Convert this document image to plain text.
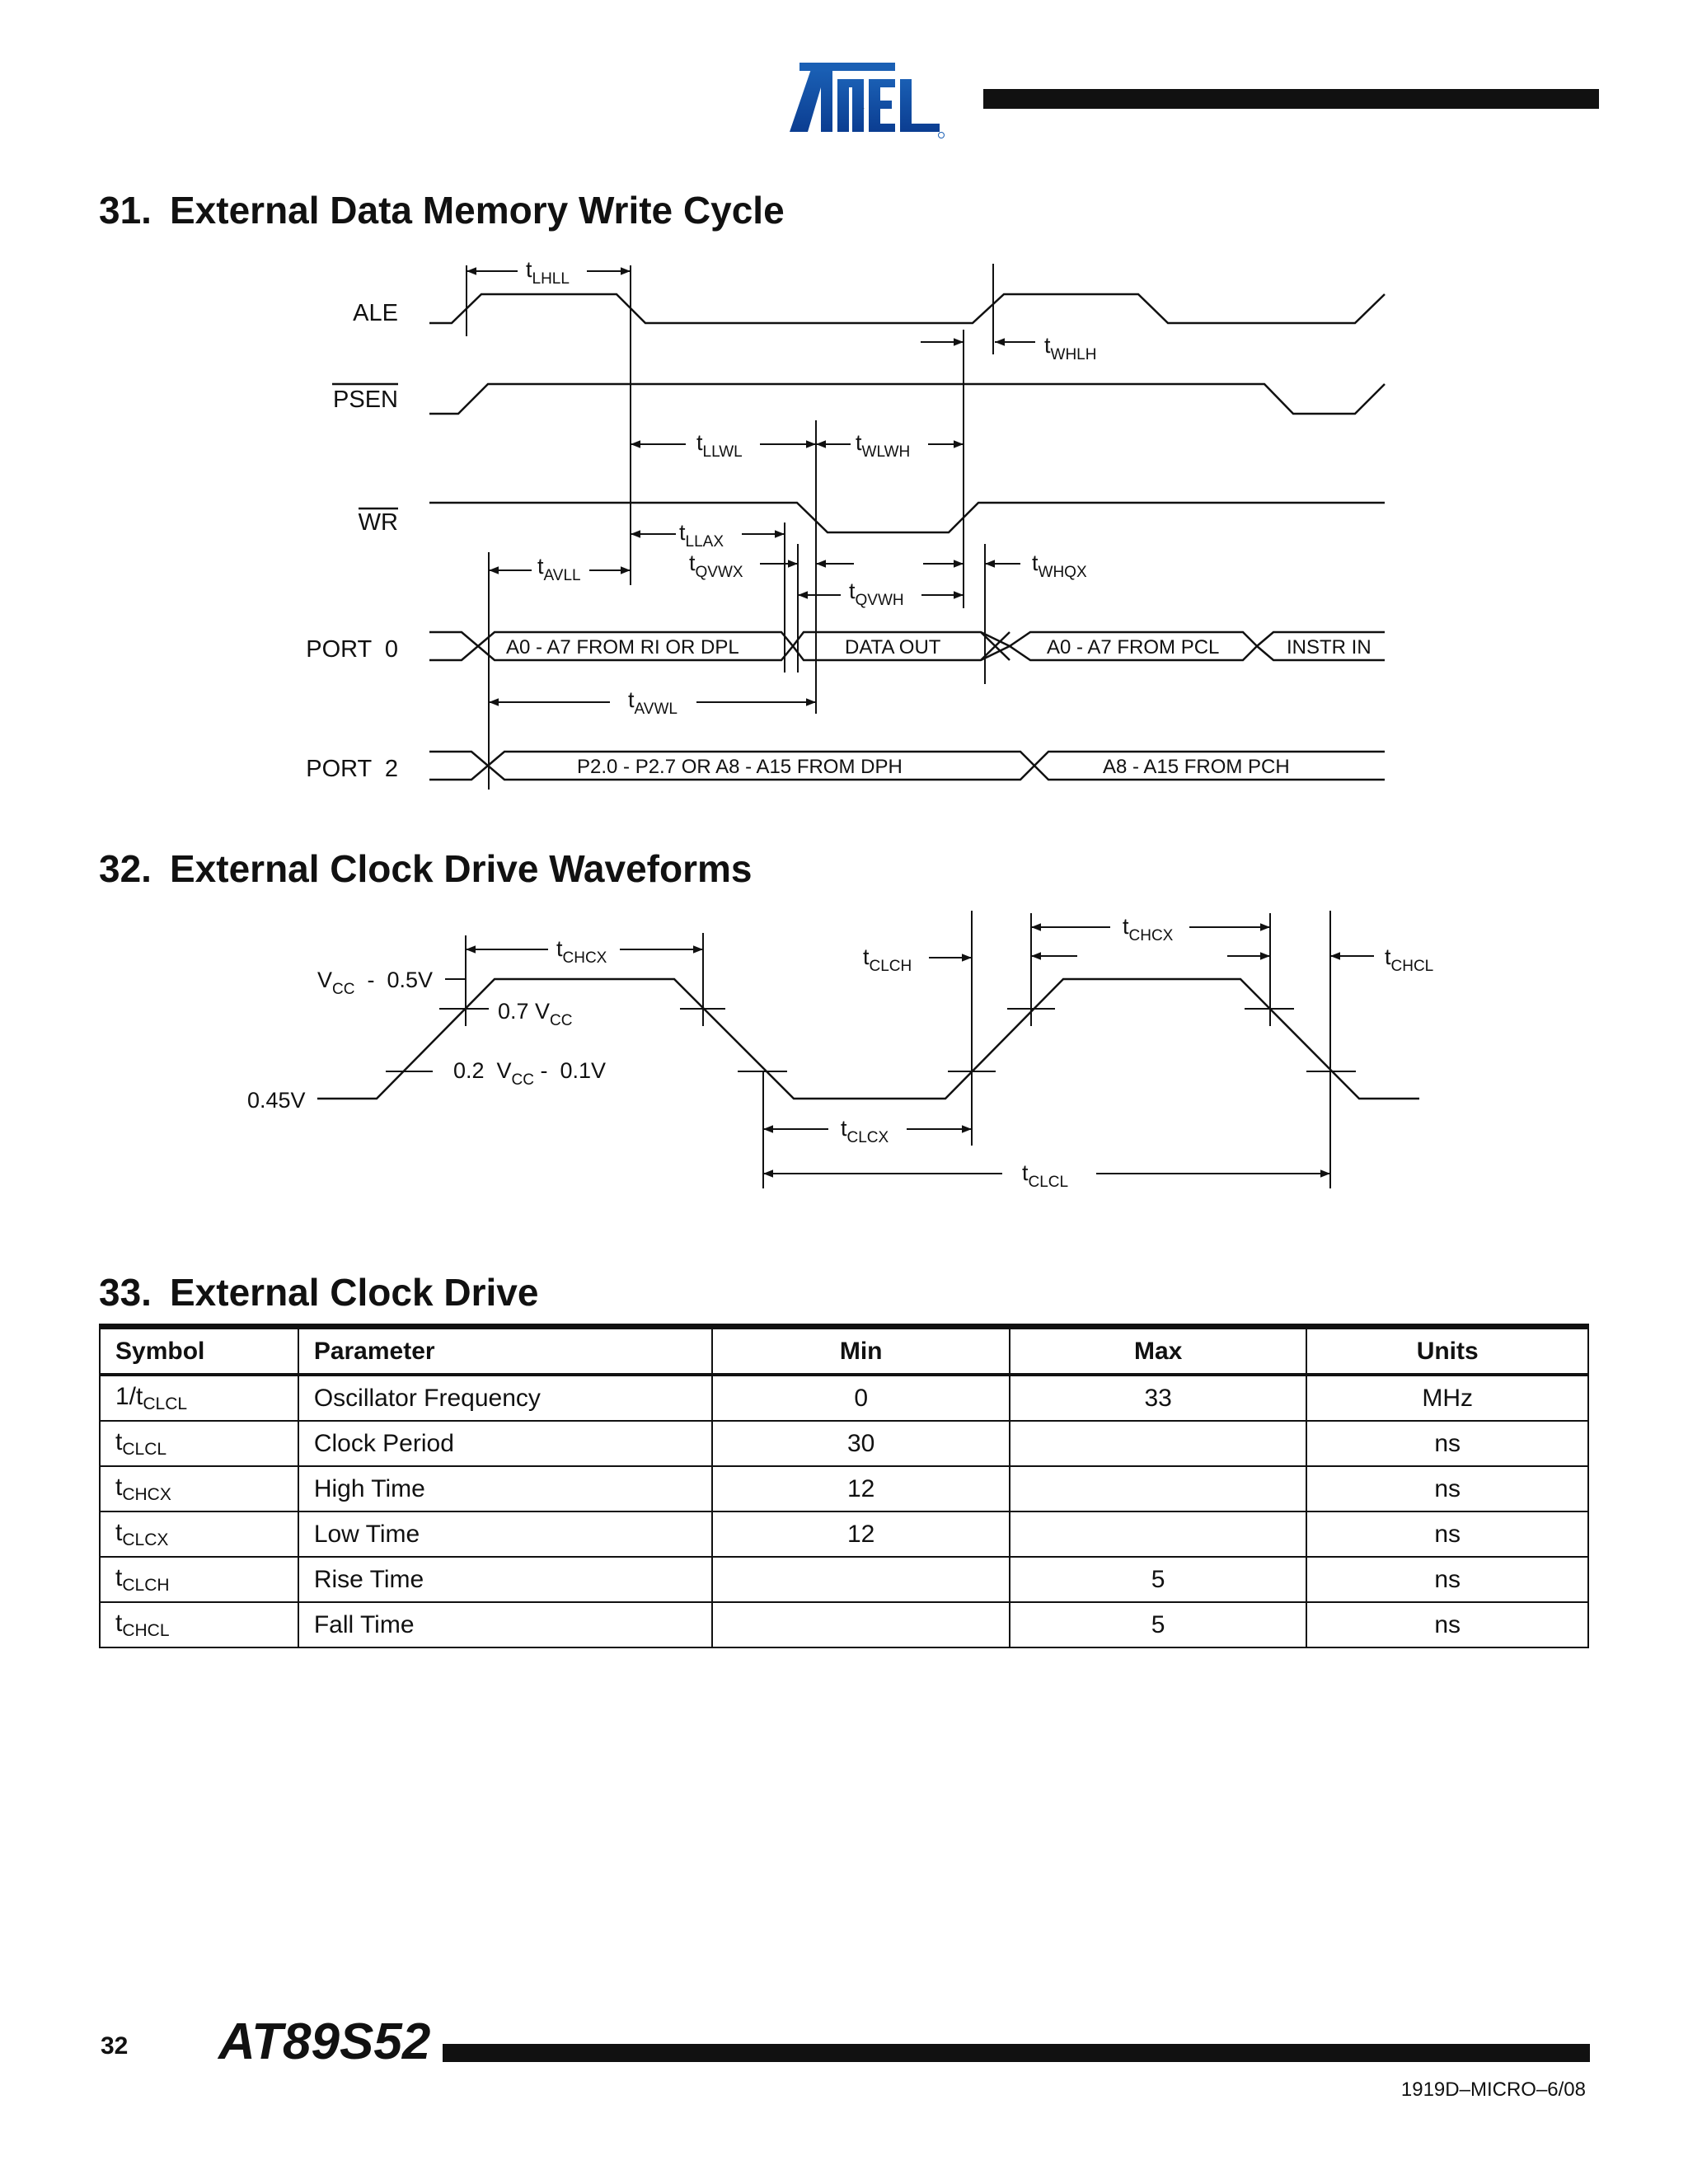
ATMEL
31. External Data Memory Write Cycle
ALE
PSEN
WR
PORT  0
PORT  2
$t_{LHLL}$
$t_{WHLH}$
$t_{LLWL}$	$t_{WLWH}$
$t_{LLAX}$
$t_{AVLL}$
$t_{QVWX}$	$t_{WHQX}$
$t_{QVWH}$
$t_{AVWL}$
A0 - A7 FROM RI OR DPL	DATA OUT	A0 - A7 FROM PCL	INSTR IN
P2.0 - P2.7 OR A8 - A15 FROM DPH	A8 - A15 FROM PCH
32. External Clock Drive Waveforms
$V_{CC} - 0.5V$
0.7 $V_{CC}$
0.2  $V_{CC} - 0.1V$
0.45V
$t_{CHCX}$	$t_{CLCH}$
$t_{CHCX}$
$t_{CHCL}$
$t_{CLCX}$
$t_{CLCL}$
33. External Clock Drive
Symbol	Parameter	Min	Max	Units
$1/t_{CLCL}$	Oscillator Frequency	0	33	MHz
$t_{CLCL}$	Clock Period	30		ns
$t_{CHCX}$	High Time	12		ns
$t_{CLCX}$	Low Time	12		ns
$t_{CLCH}$	Rise Time		5	ns
$t_{CHCL}$	Fall Time		5	ns
32 AT89S52
1919D–MICRO–6/08
